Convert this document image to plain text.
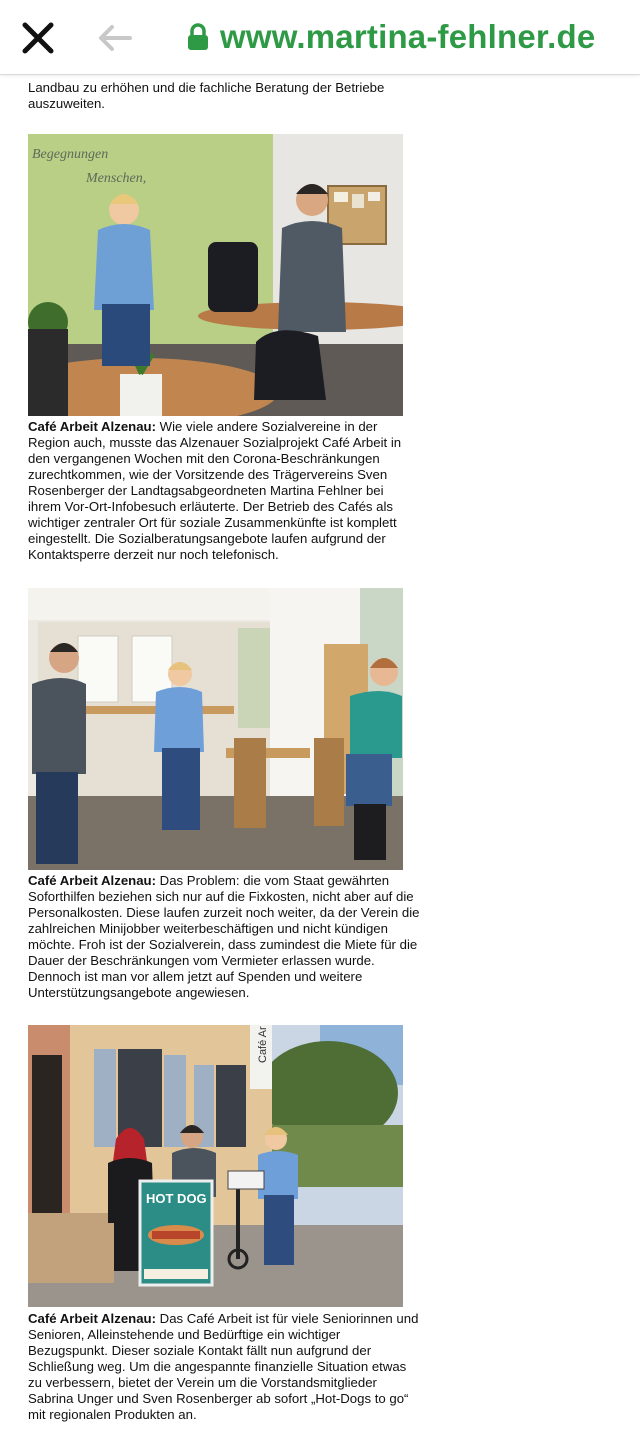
www.martina-fehlner.de

Landbau zu erhöhen und die fachliche Beratung der Betriebe auszuweiten.

Begegnungen
Menschen,

Café Arbeit Alzenau: Wie viele andere Sozialvereine in der Region auch, musste das Alzenauer Sozialprojekt Café Arbeit in den vergangenen Wochen mit den Corona-Beschränkungen zurechtkommen, wie der Vorsitzende des Trägervereins Sven Rosenberger der Landtagsabgeordneten Martina Fehlner bei ihrem Vor-Ort-Infobesuch erläuterte. Der Betrieb des Cafés als wichtiger zentraler Ort für soziale Zusammenkünfte ist komplett eingestellt. Die Sozialberatungsangebote laufen aufgrund der Kontaktsperre derzeit nur noch telefonisch.

Café Arbeit Alzenau: Das Problem: die vom Staat gewährten Soforthilfen beziehen sich nur auf die Fixkosten, nicht aber auf die Personalkosten. Diese laufen zurzeit noch weiter, da der Verein die zahlreichen Minijobber weiterbeschäftigen und nicht kündigen möchte. Froh ist der Sozialverein, dass zumindest die Miete für die Dauer der Beschränkungen vom Vermieter erlassen wurde. Dennoch ist man vor allem jetzt auf Spenden und weitere Unterstützungsangebote angewiesen.

Café Ar
HOT DOG

Café Arbeit Alzenau: Das Café Arbeit ist für viele Seniorinnen und Senioren, Alleinstehende und Bedürftige ein wichtiger Bezugspunkt. Dieser soziale Kontakt fällt nun aufgrund der Schließung weg. Um die angespannte finanzielle Situation etwas zu verbessern, bietet der Verein um die Vorstandsmitglieder Sabrina Unger und Sven Rosenberger ab sofort „Hot-Dogs to go“ mit regionalen Produkten an.
